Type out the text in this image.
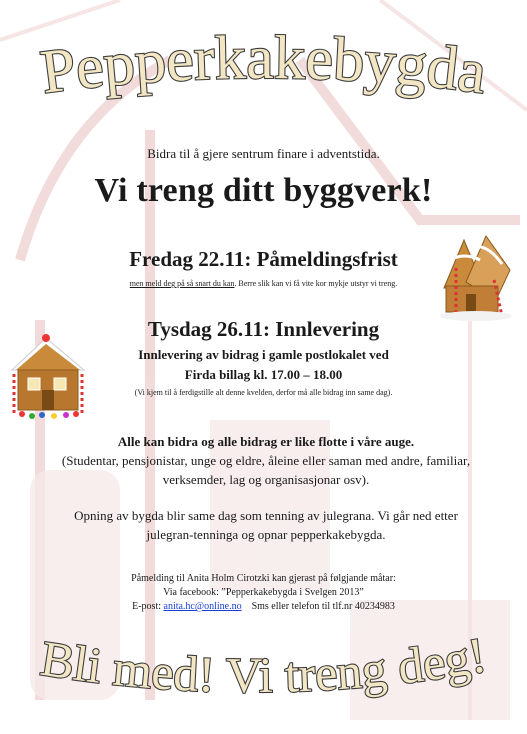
Pepperkakebygda
Bidra til å gjere sentrum finare i adventstida.
Vi treng ditt byggverk!
Fredag 22.11: Påmeldingsfrist
men meld deg på så snart du kan. Berre slik kan vi få vite kor mykje utstyr vi treng.
Tysdag 26.11: Innlevering
Innlevering av bidrag i gamle postlokalet ved
Firda billag kl. 17.00 – 18.00
(Vi kjem til å ferdigstille alt denne kvelden, derfor må alle bidrag inn same dag).
Alle kan bidra og alle bidrag er like flotte i våre auge.
(Studentar, pensjonistar, unge og eldre, åleine eller saman med andre, familiar, verksemder, lag og organisasjonar osv).
Opning av bygda blir same dag som tenning av julegrana. Vi går ned etter julegran-tenninga og opnar pepperkakebygda.
Påmelding til Anita Holm Cirotzki kan gjerast på følgjande måtar:
Via facebook: ”Pepperkakebygda i Svelgen 2013”
E-post: anita.hc@online.no    Sms eller telefon til tlf.nr 40234983
Bli med! Vi treng deg!
